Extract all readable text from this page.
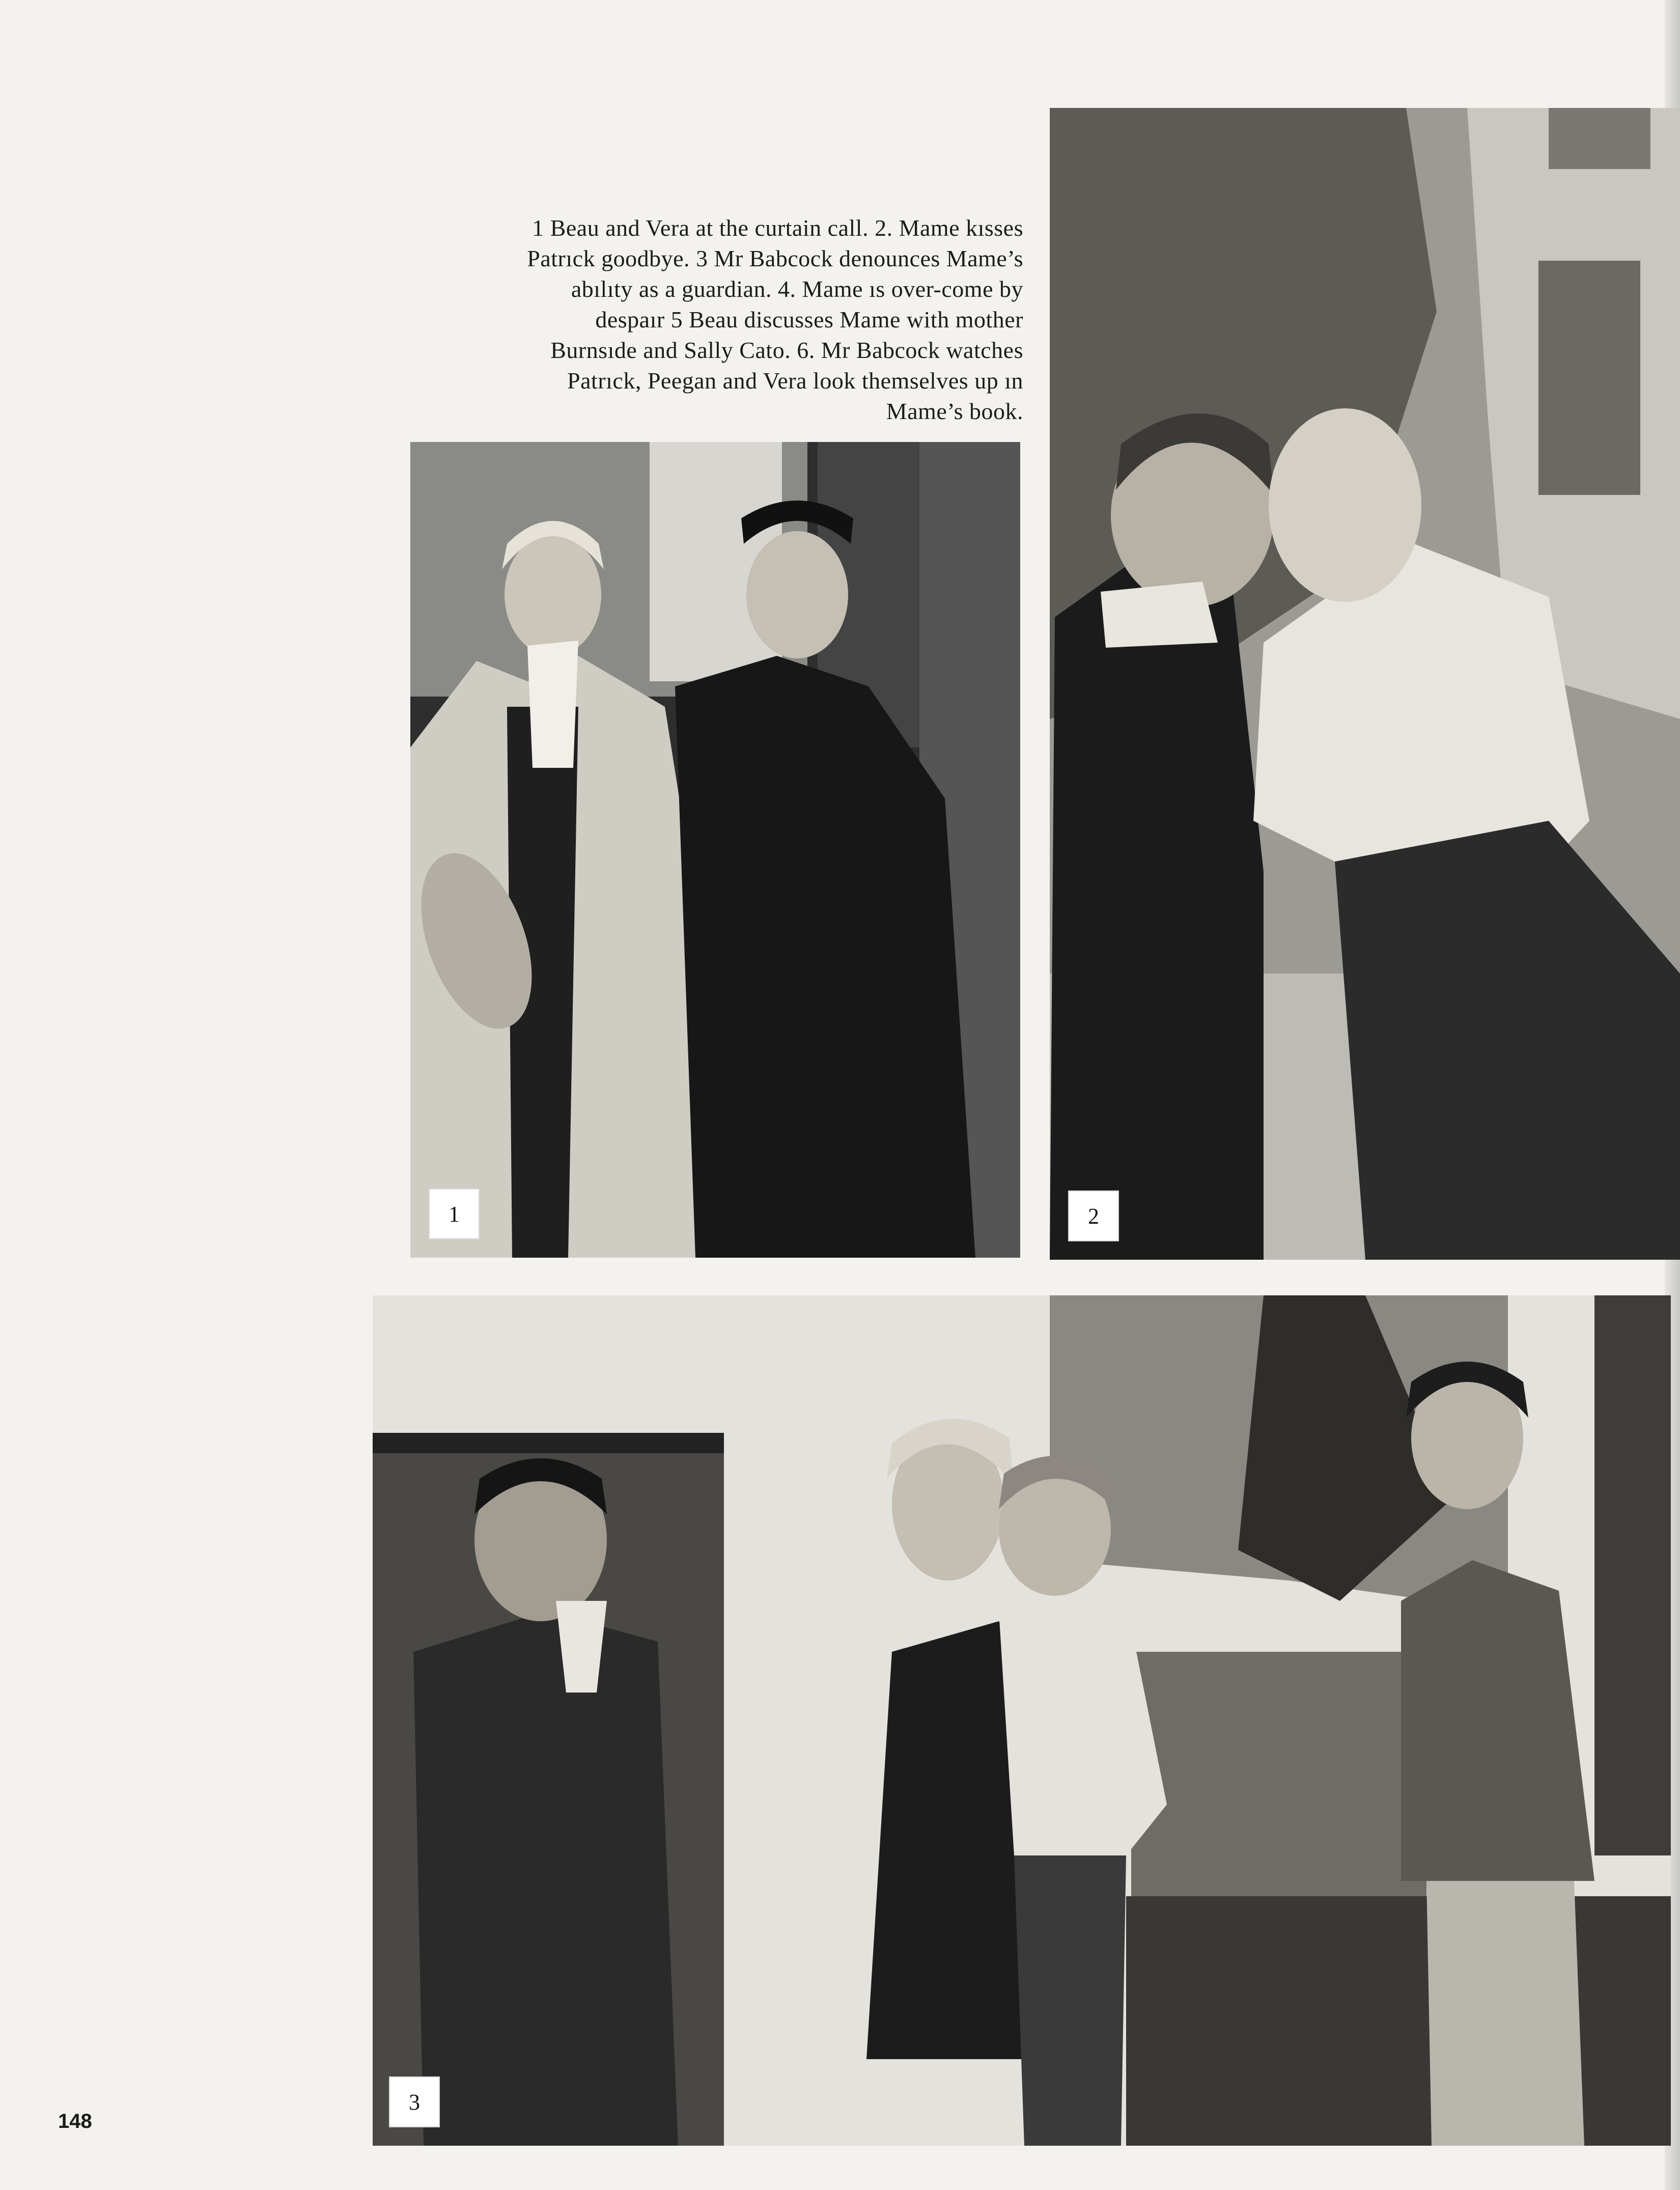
1 Beau and Vera at the curtain call. 2. Mame kısses
Patrıck goodbye. 3 Mr Babcock denounces Mame’s
abılıty as a guardian. 4. Mame ıs over-come by
despaır 5 Beau discusses Mame with mother
Burnsıde and Sally Cato. 6. Mr Babcock watches
Patrıck, Peegan and Vera look themselves up ın
Mame’s book.
1	2
3
148
